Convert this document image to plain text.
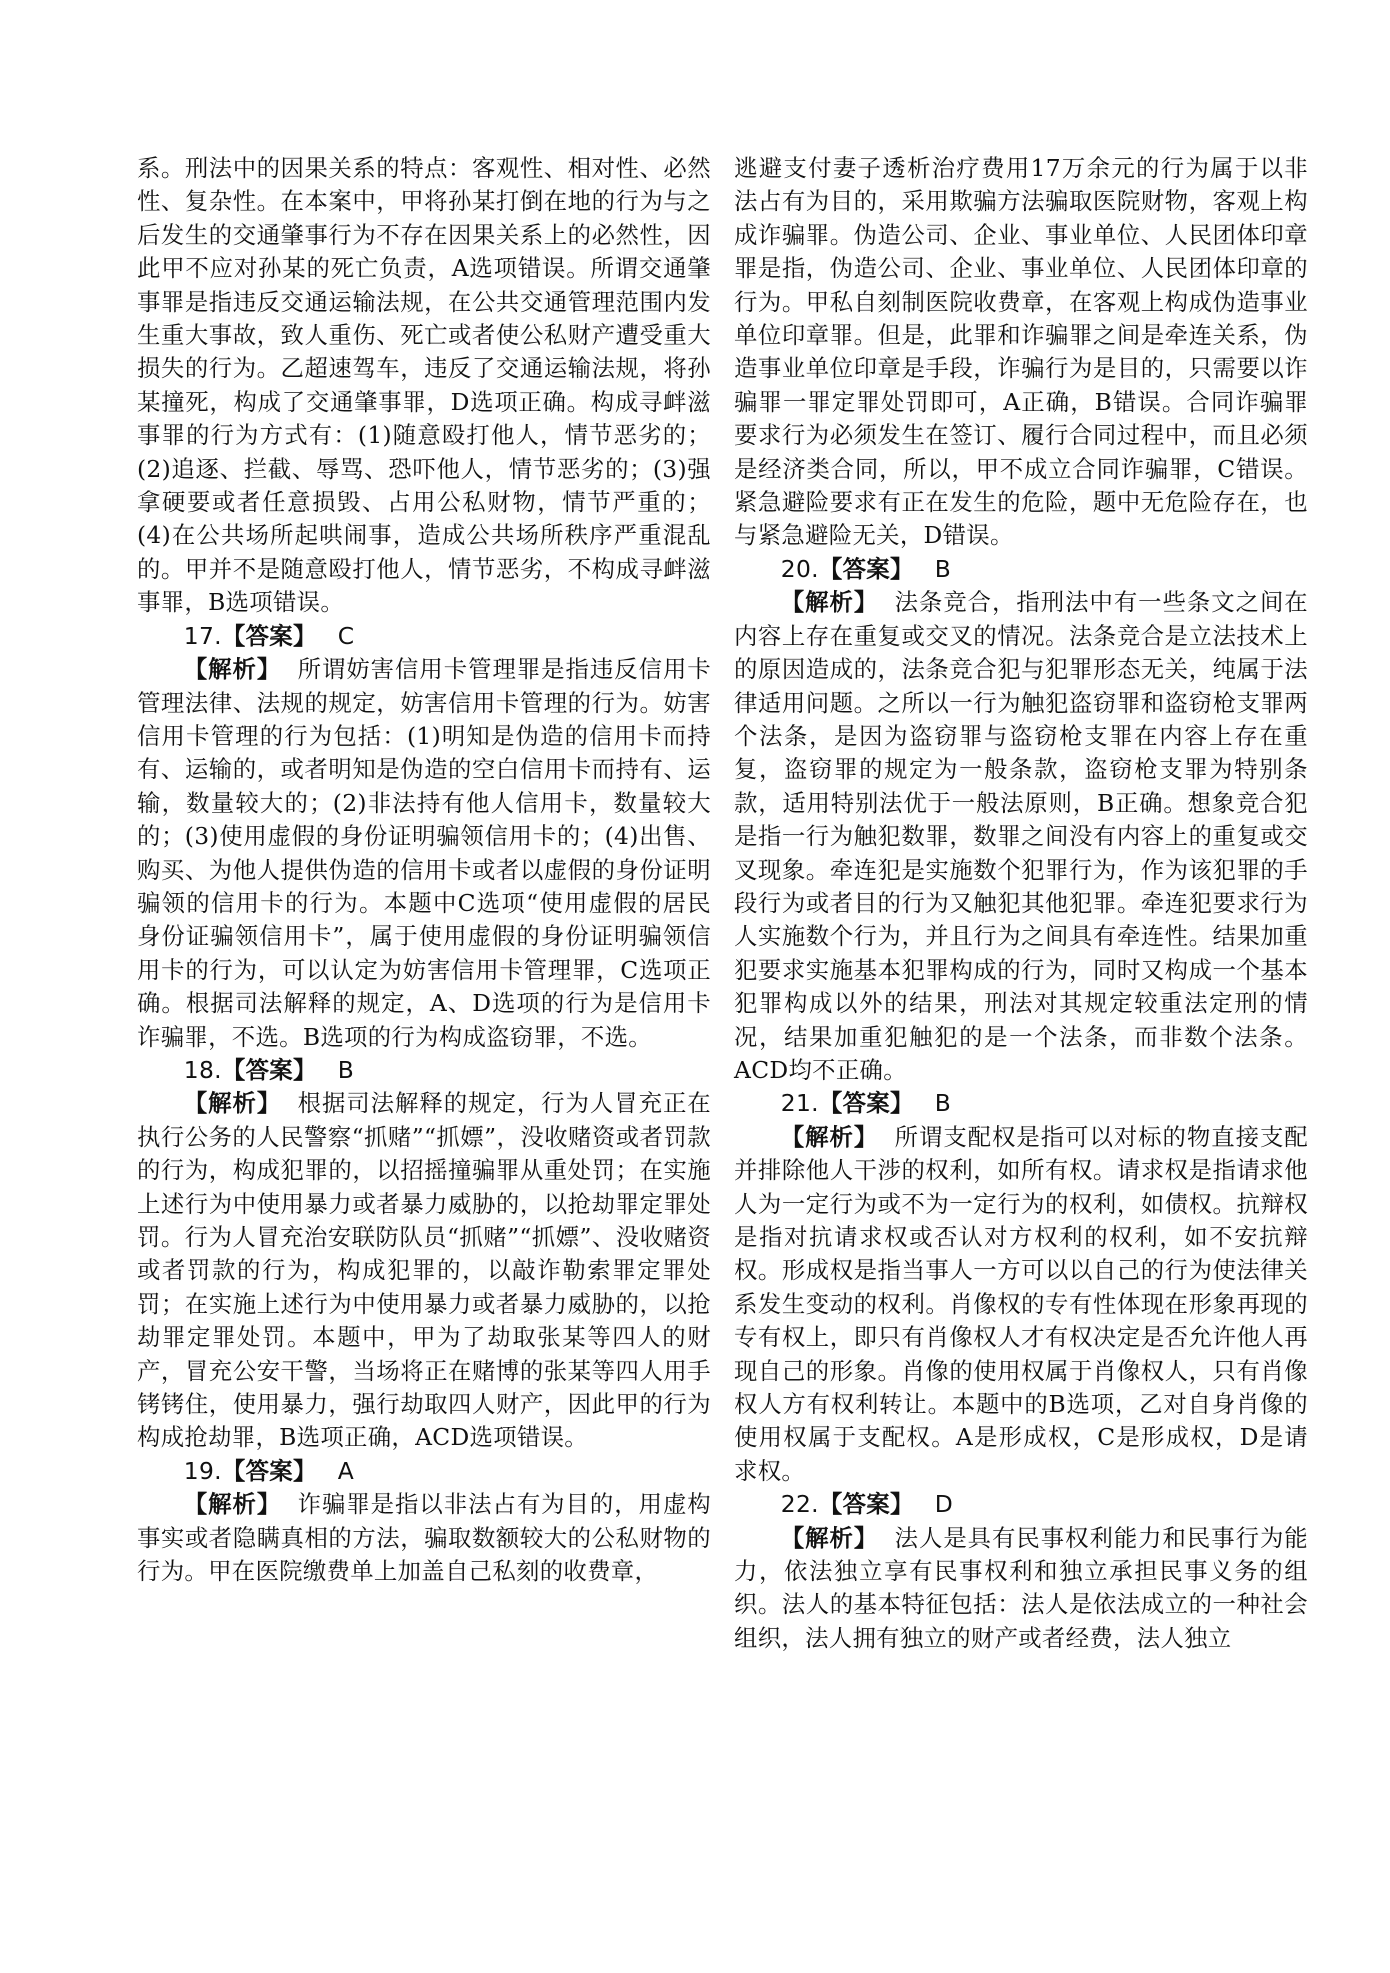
系。刑法中的因果关系的特点：客观性、相对性、必然性、复杂性。在本案中，甲将孙某打倒在地的行为与之后发生的交通肇事行为不存在因果关系上的必然性，因此甲不应对孙某的死亡负责，A选项错误。所谓交通肇事罪是指违反交通运输法规，在公共交通管理范围内发生重大事故，致人重伤、死亡或者使公私财产遭受重大损失的行为。乙超速驾车，违反了交通运输法规，将孙某撞死，构成了交通肇事罪，D选项正确。构成寻衅滋事罪的行为方式有：(1)随意殴打他人，情节恶劣的；(2)追逐、拦截、辱骂、恐吓他人，情节恶劣的；(3)强拿硬要或者任意损毁、占用公私财物，情节严重的；(4)在公共场所起哄闹事，造成公共场所秩序严重混乱的。甲并不是随意殴打他人，情节恶劣，不构成寻衅滋事罪，B选项错误。

17.【答案】 C

【解析】 所谓妨害信用卡管理罪是指违反信用卡管理法律、法规的规定，妨害信用卡管理的行为。妨害信用卡管理的行为包括：(1)明知是伪造的信用卡而持有、运输的，或者明知是伪造的空白信用卡而持有、运输，数量较大的；(2)非法持有他人信用卡，数量较大的；(3)使用虚假的身份证明骗领信用卡的；(4)出售、购买、为他人提供伪造的信用卡或者以虚假的身份证明骗领的信用卡的行为。本题中C选项“使用虚假的居民身份证骗领信用卡”，属于使用虚假的身份证明骗领信用卡的行为，可以认定为妨害信用卡管理罪，C选项正确。根据司法解释的规定，A、D选项的行为是信用卡诈骗罪，不选。B选项的行为构成盗窃罪，不选。

18.【答案】 B

【解析】 根据司法解释的规定，行为人冒充正在执行公务的人民警察“抓赌”“抓嫖”，没收赌资或者罚款的行为，构成犯罪的，以招摇撞骗罪从重处罚；在实施上述行为中使用暴力或者暴力威胁的，以抢劫罪定罪处罚。行为人冒充治安联防队员“抓赌”“抓嫖”、没收赌资或者罚款的行为，构成犯罪的，以敲诈勒索罪定罪处罚；在实施上述行为中使用暴力或者暴力威胁的，以抢劫罪定罪处罚。本题中，甲为了劫取张某等四人的财产，冒充公安干警，当场将正在赌博的张某等四人用手铐铐住，使用暴力，强行劫取四人财产，因此甲的行为构成抢劫罪，B选项正确，ACD选项错误。

19.【答案】 A

【解析】 诈骗罪是指以非法占有为目的，用虚构事实或者隐瞒真相的方法，骗取数额较大的公私财物的行为。甲在医院缴费单上加盖自己私刻的收费章，

逃避支付妻子透析治疗费用17万余元的行为属于以非法占有为目的，采用欺骗方法骗取医院财物，客观上构成诈骗罪。伪造公司、企业、事业单位、人民团体印章罪是指，伪造公司、企业、事业单位、人民团体印章的行为。甲私自刻制医院收费章，在客观上构成伪造事业单位印章罪。但是，此罪和诈骗罪之间是牵连关系，伪造事业单位印章是手段，诈骗行为是目的，只需要以诈骗罪一罪定罪处罚即可，A正确，B错误。合同诈骗罪要求行为必须发生在签订、履行合同过程中，而且必须是经济类合同，所以，甲不成立合同诈骗罪，C错误。紧急避险要求有正在发生的危险，题中无危险存在，也与紧急避险无关，D错误。

20.【答案】 B

【解析】 法条竞合，指刑法中有一些条文之间在内容上存在重复或交叉的情况。法条竞合是立法技术上的原因造成的，法条竞合犯与犯罪形态无关，纯属于法律适用问题。之所以一行为触犯盗窃罪和盗窃枪支罪两个法条，是因为盗窃罪与盗窃枪支罪在内容上存在重复，盗窃罪的规定为一般条款，盗窃枪支罪为特别条款，适用特别法优于一般法原则，B正确。想象竞合犯是指一行为触犯数罪，数罪之间没有内容上的重复或交叉现象。牵连犯是实施数个犯罪行为，作为该犯罪的手段行为或者目的行为又触犯其他犯罪。牵连犯要求行为人实施数个行为，并且行为之间具有牵连性。结果加重犯要求实施基本犯罪构成的行为，同时又构成一个基本犯罪构成以外的结果，刑法对其规定较重法定刑的情况，结果加重犯触犯的是一个法条，而非数个法条。ACD均不正确。

21.【答案】 B

【解析】 所谓支配权是指可以对标的物直接支配并排除他人干涉的权利，如所有权。请求权是指请求他人为一定行为或不为一定行为的权利，如债权。抗辩权是指对抗请求权或否认对方权利的权利，如不安抗辩权。形成权是指当事人一方可以以自己的行为使法律关系发生变动的权利。肖像权的专有性体现在形象再现的专有权上，即只有肖像权人才有权决定是否允许他人再现自己的形象。肖像的使用权属于肖像权人，只有肖像权人方有权利转让。本题中的B选项，乙对自身肖像的使用权属于支配权。A是形成权，C是形成权，D是请求权。

22.【答案】 D

【解析】 法人是具有民事权利能力和民事行为能力，依法独立享有民事权利和独立承担民事义务的组织。法人的基本特征包括：法人是依法成立的一种社会组织，法人拥有独立的财产或者经费，法人独立
